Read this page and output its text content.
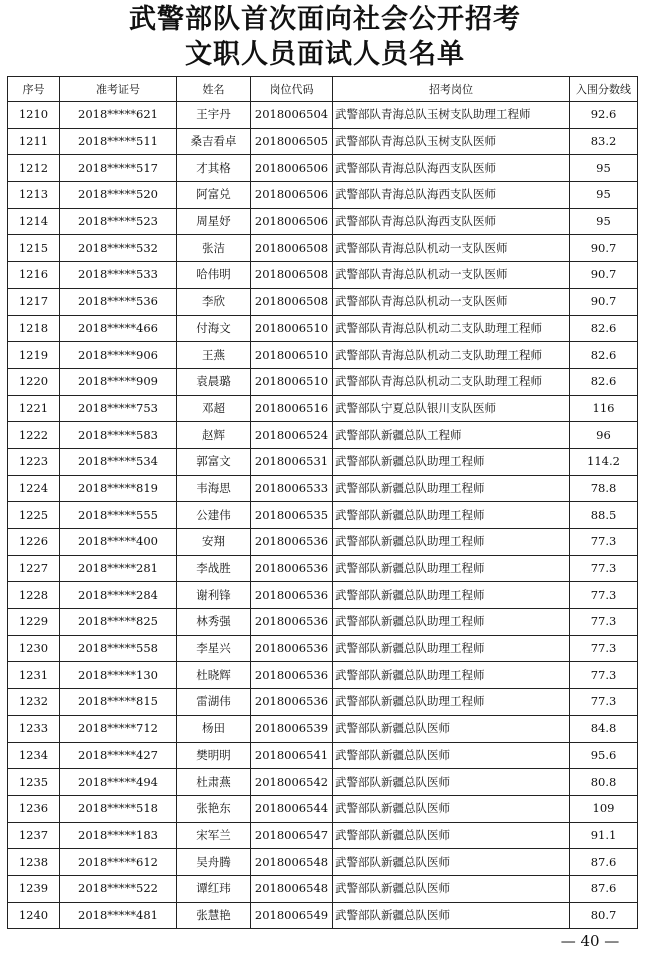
武警部队首次面向社会公开招考
文职人员面试人员名单
序号	准考证号	姓名	岗位代码	招考岗位	入围分数线
1210	2018*****621	王宇丹	2018006504	武警部队青海总队玉树支队助理工程师	92.6
1211	2018*****511	桑吉看卓	2018006505	武警部队青海总队玉树支队医师	83.2
1212	2018*****517	才其格	2018006506	武警部队青海总队海西支队医师	95
1213	2018*****520	阿富兑	2018006506	武警部队青海总队海西支队医师	95
1214	2018*****523	周星妤	2018006506	武警部队青海总队海西支队医师	95
1215	2018*****532	张洁	2018006508	武警部队青海总队机动一支队医师	90.7
1216	2018*****533	哈伟明	2018006508	武警部队青海总队机动一支队医师	90.7
1217	2018*****536	李欣	2018006508	武警部队青海总队机动一支队医师	90.7
1218	2018*****466	付海文	2018006510	武警部队青海总队机动二支队助理工程师	82.6
1219	2018*****906	王燕	2018006510	武警部队青海总队机动二支队助理工程师	82.6
1220	2018*****909	袁晨璐	2018006510	武警部队青海总队机动二支队助理工程师	82.6
1221	2018*****753	邓超	2018006516	武警部队宁夏总队银川支队医师	116
1222	2018*****583	赵辉	2018006524	武警部队新疆总队工程师	96
1223	2018*****534	郭富文	2018006531	武警部队新疆总队助理工程师	114.2
1224	2018*****819	韦海思	2018006533	武警部队新疆总队助理工程师	78.8
1225	2018*****555	公建伟	2018006535	武警部队新疆总队助理工程师	88.5
1226	2018*****400	安翔	2018006536	武警部队新疆总队助理工程师	77.3
1227	2018*****281	李战胜	2018006536	武警部队新疆总队助理工程师	77.3
1228	2018*****284	谢利锋	2018006536	武警部队新疆总队助理工程师	77.3
1229	2018*****825	林秀强	2018006536	武警部队新疆总队助理工程师	77.3
1230	2018*****558	李星兴	2018006536	武警部队新疆总队助理工程师	77.3
1231	2018*****130	杜晓辉	2018006536	武警部队新疆总队助理工程师	77.3
1232	2018*****815	雷湖伟	2018006536	武警部队新疆总队助理工程师	77.3
1233	2018*****712	杨田	2018006539	武警部队新疆总队医师	84.8
1234	2018*****427	樊明明	2018006541	武警部队新疆总队医师	95.6
1235	2018*****494	杜肃燕	2018006542	武警部队新疆总队医师	80.8
1236	2018*****518	张艳东	2018006544	武警部队新疆总队医师	109
1237	2018*****183	宋军兰	2018006547	武警部队新疆总队医师	91.1
1238	2018*****612	吴舟腾	2018006548	武警部队新疆总队医师	87.6
1239	2018*****522	谭红玮	2018006548	武警部队新疆总队医师	87.6
1240	2018*****481	张慧艳	2018006549	武警部队新疆总队医师	80.7
— 40 —
